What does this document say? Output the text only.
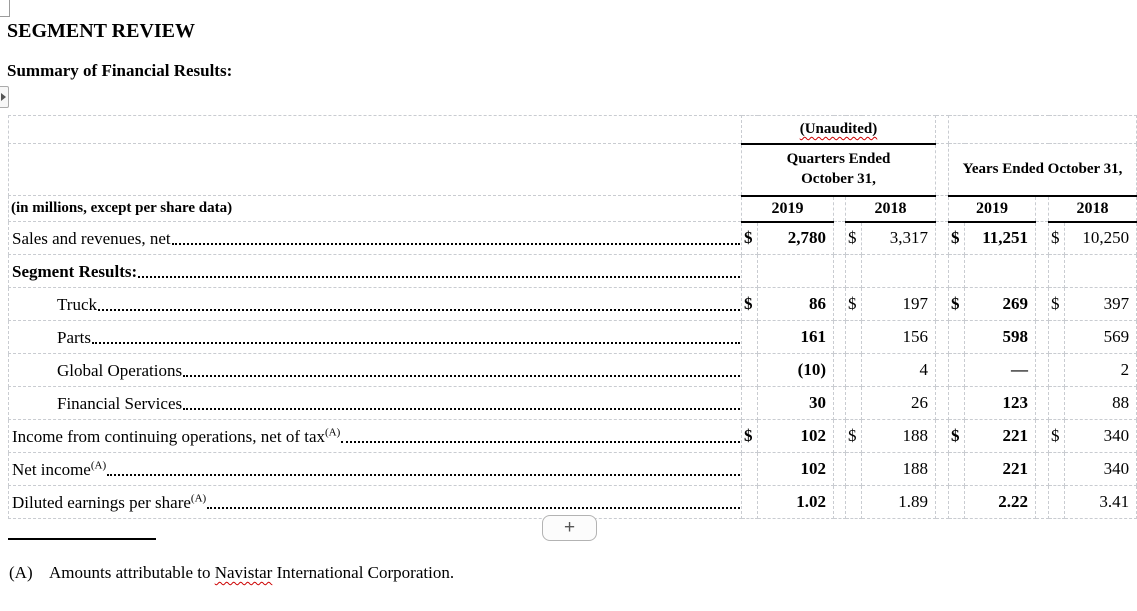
SEGMENT REVIEW
Summary of Financial Results:
	(Unaudited)										
	Quarters Ended October 31,						Years Ended October 31,				
(in millions, except per share data)	2019			2018			2019			2018	

Sales and revenues, net	$	2,780		$	3,317		$	11,251		$	10,250

Segment Results:											

Truck	$	86		$	197		$	269		$	397

Parts		161			156			598			569

Global Operations		(10)			4			—			2

Financial Services		30			26			123			88

Income from continuing operations, net of tax$^{(A)}$	$	102		$	188		$	221		$	340

Net income$^{(A)}$		102			188			221			340

Diluted earnings per share$^{(A)}$		1.02			1.89			2.22			3.41
+
(A) Amounts attributable to Navistar International Corporation.
